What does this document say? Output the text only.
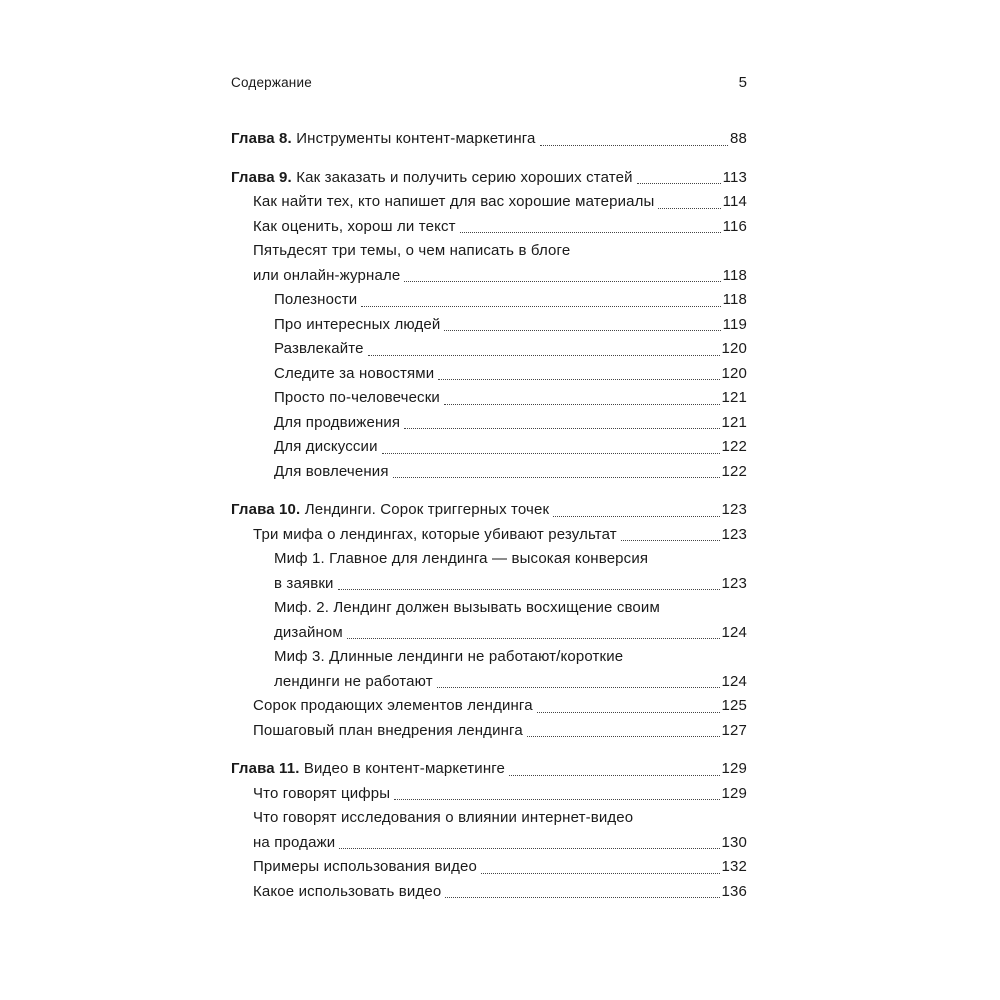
Содержание	5
Глава 8. Инструменты контент-маркетинга	88
Глава 9. Как заказать и получить серию хороших статей	113
Как найти тех, кто напишет для вас хорошие материалы	114
Как оценить, хорош ли текст	116
Пятьдесят три темы, о чем написать в блоге
или онлайн-журнале	118
Полезности	118
Про интересных людей	119
Развлекайте	120
Следите за новостями	120
Просто по-человечески	121
Для продвижения	121
Для дискуссии	122
Для вовлечения	122
Глава 10. Лендинги. Сорок триггерных точек	123
Три мифа о лендингах, которые убивают результат	123
Миф 1. Главное для лендинга — высокая конверсия
в заявки	123
Миф. 2. Лендинг должен вызывать восхищение своим
дизайном	124
Миф 3. Длинные лендинги не работают/короткие
лендинги не работают	124
Сорок продающих элементов лендинга	125
Пошаговый план внедрения лендинга	127
Глава 11. Видео в контент-маркетинге	129
Что говорят цифры	129
Что говорят исследования о влиянии интернет-видео
на продажи	130
Примеры использования видео	132
Какое использовать видео	136
